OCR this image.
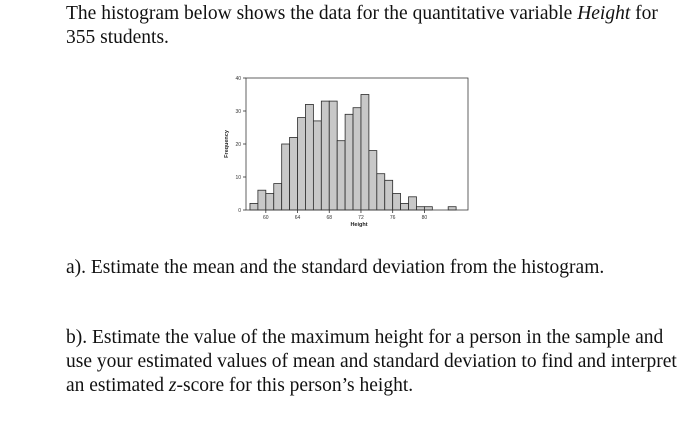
The histogram below shows the data for the quantitative variable Height for 355 students.

0
10
20
30
40
60	64	68	72	76	80
Height
Frequency

a). Estimate the mean and the standard deviation from the histogram.

b). Estimate the value of the maximum height for a person in the sample and use your estimated values of mean and standard deviation to find and interpret an estimated z-score for this person’s height.
